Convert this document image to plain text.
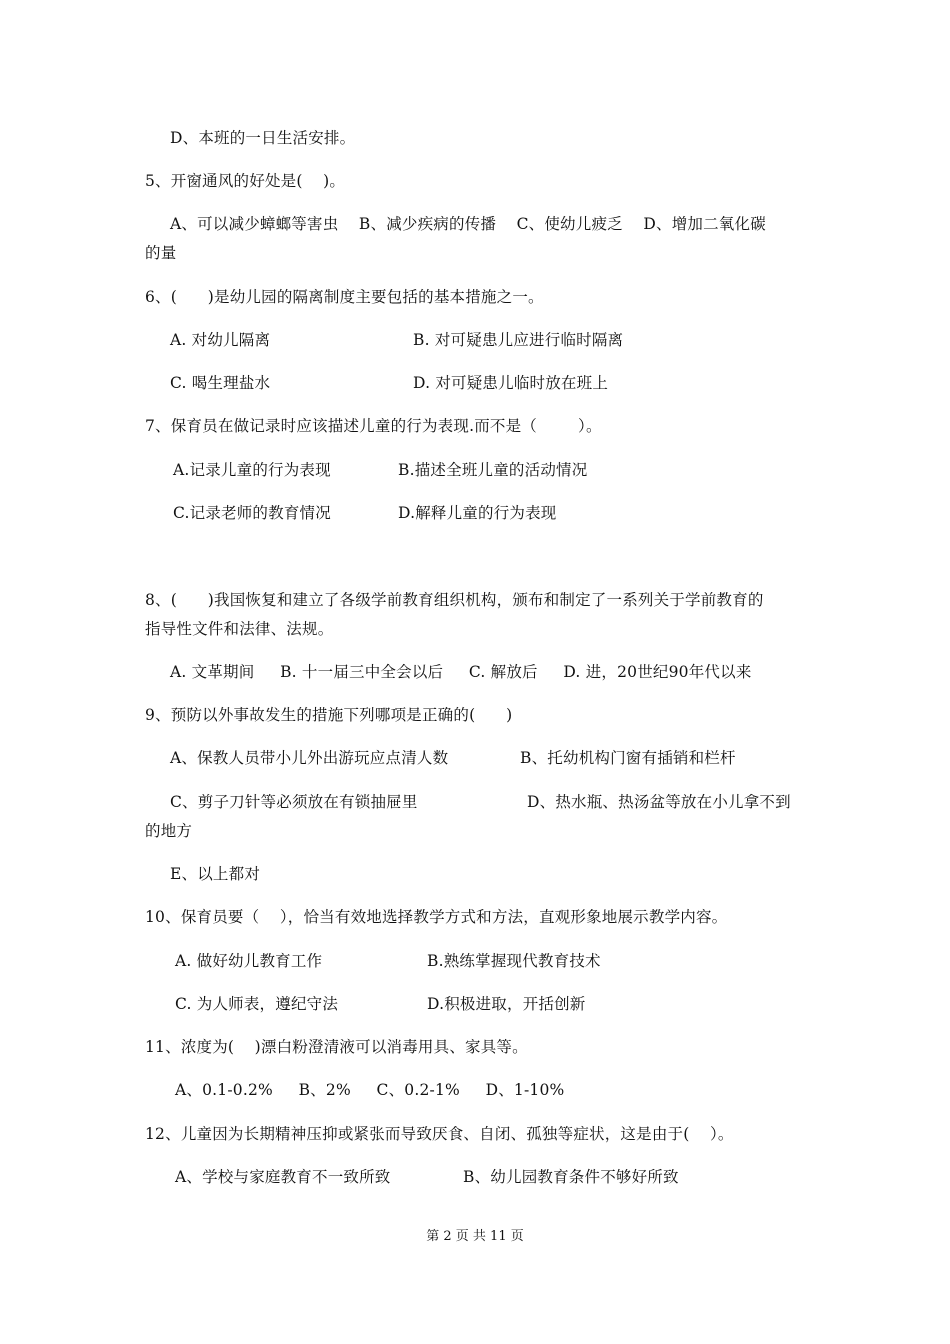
D、本班的一日生活安排。
5、开窗通风的好处是(    )。
A、可以减少蟑螂等害虫    B、减少疾病的传播    C、使幼儿疲乏    D、增加二氧化碳
的量
6、(      )是幼儿园的隔离制度主要包括的基本措施之一。
A. 对幼儿隔离	B. 对可疑患儿应进行临时隔离
C. 喝生理盐水	D. 对可疑患儿临时放在班上
7、保育员在做记录时应该描述儿童的行为表现.而不是（        ）。
A.记录儿童的行为表现	B.描述全班儿童的活动情况
C.记录老师的教育情况	D.解释儿童的行为表现
8、(      )我国恢复和建立了各级学前教育组织机构，颁布和制定了一系列关于学前教育的
指导性文件和法律、法规。
A. 文革期间     B. 十一届三中全会以后     C. 解放后     D. 进，20世纪90年代以来
9、预防以外事故发生的措施下列哪项是正确的(      )
A、保教人员带小儿外出游玩应点清人数	B、托幼机构门窗有插销和栏杆
C、剪子刀针等必须放在有锁抽屉里	D、热水瓶、热汤盆等放在小儿拿不到
的地方
E、以上都对
10、保育员要（    ），恰当有效地选择教学方式和方法，直观形象地展示教学内容。
A. 做好幼儿教育工作	B.熟练掌握现代教育技术
C. 为人师表，遵纪守法	D.积极进取，开括创新
11、浓度为(    )漂白粉澄清液可以消毒用具、家具等。
A、0.1-0.2%     B、2%     C、0.2-1%     D、1-10%
12、儿童因为长期精神压抑或紧张而导致厌食、自闭、孤独等症状，这是由于(    ）。
A、学校与家庭教育不一致所致	B、幼儿园教育条件不够好所致
第 2 页 共 11 页
